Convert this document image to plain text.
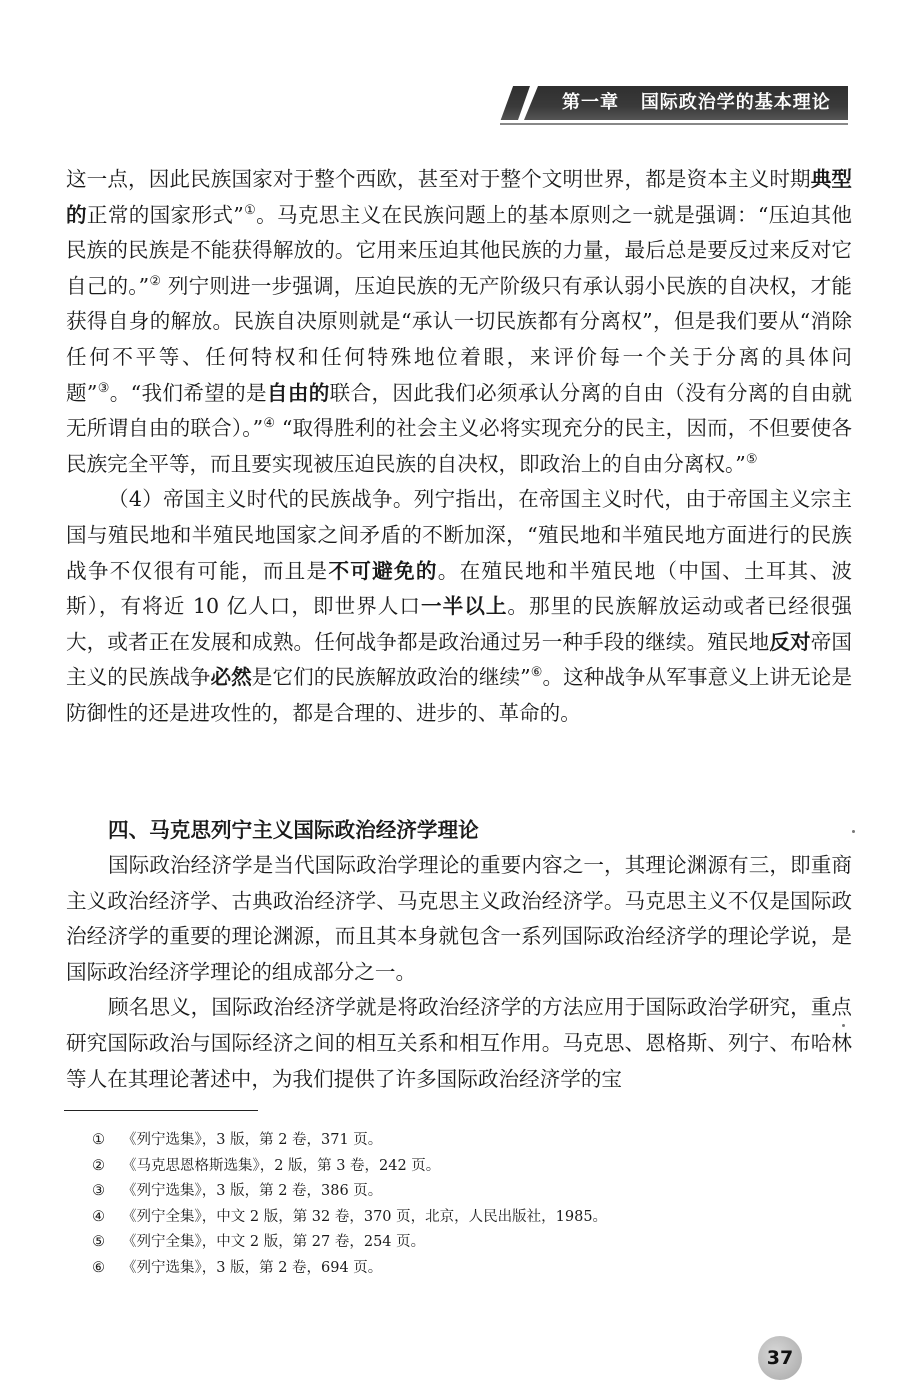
第一章 国际政治学的基本理论

这一点，因此民族国家对于整个西欧，甚至对于整个文明世界，都是资本主义时期典型的正常的国家形式”①。马克思主义在民族问题上的基本原则之一就是强调：“压迫其他民族的民族是不能获得解放的。它用来压迫其他民族的力量，最后总是要反过来反对它自己的。”② 列宁则进一步强调，压迫民族的无产阶级只有承认弱小民族的自决权，才能获得自身的解放。民族自决原则就是“承认一切民族都有分离权”，但是我们要从“消除任何不平等、任何特权和任何特殊地位着眼，来评价每一个关于分离的具体问题”③。“我们希望的是自由的联合，因此我们必须承认分离的自由（没有分离的自由就无所谓自由的联合）。”④ “取得胜利的社会主义必将实现充分的民主，因而，不但要使各民族完全平等，而且要实现被压迫民族的自决权，即政治上的自由分离权。”⑤

（4）帝国主义时代的民族战争。列宁指出，在帝国主义时代，由于帝国主义宗主国与殖民地和半殖民地国家之间矛盾的不断加深，“殖民地和半殖民地方面进行的民族战争不仅很有可能，而且是不可避免的。在殖民地和半殖民地（中国、土耳其、波斯），有将近 10 亿人口，即世界人口一半以上。那里的民族解放运动或者已经很强大，或者正在发展和成熟。任何战争都是政治通过另一种手段的继续。殖民地反对帝国主义的民族战争必然是它们的民族解放政治的继续”⑥。这种战争从军事意义上讲无论是防御性的还是进攻性的，都是合理的、进步的、革命的。

四、马克思列宁主义国际政治经济学理论

国际政治经济学是当代国际政治学理论的重要内容之一，其理论渊源有三，即重商主义政治经济学、古典政治经济学、马克思主义政治经济学。马克思主义不仅是国际政治经济学的重要的理论渊源，而且其本身就包含一系列国际政治经济学的理论学说，是国际政治经济学理论的组成部分之一。

顾名思义，国际政治经济学就是将政治经济学的方法应用于国际政治学研究，重点研究国际政治与国际经济之间的相互关系和相互作用。马克思、恩格斯、列宁、布哈林等人在其理论著述中，为我们提供了许多国际政治经济学的宝

① 《列宁选集》，3 版，第 2 卷，371 页。
② 《马克思恩格斯选集》，2 版，第 3 卷，242 页。
③ 《列宁选集》，3 版，第 2 卷，386 页。
④ 《列宁全集》，中文 2 版，第 32 卷，370 页，北京，人民出版社，1985。
⑤ 《列宁全集》，中文 2 版，第 27 卷，254 页。
⑥ 《列宁选集》，3 版，第 2 卷，694 页。
37
